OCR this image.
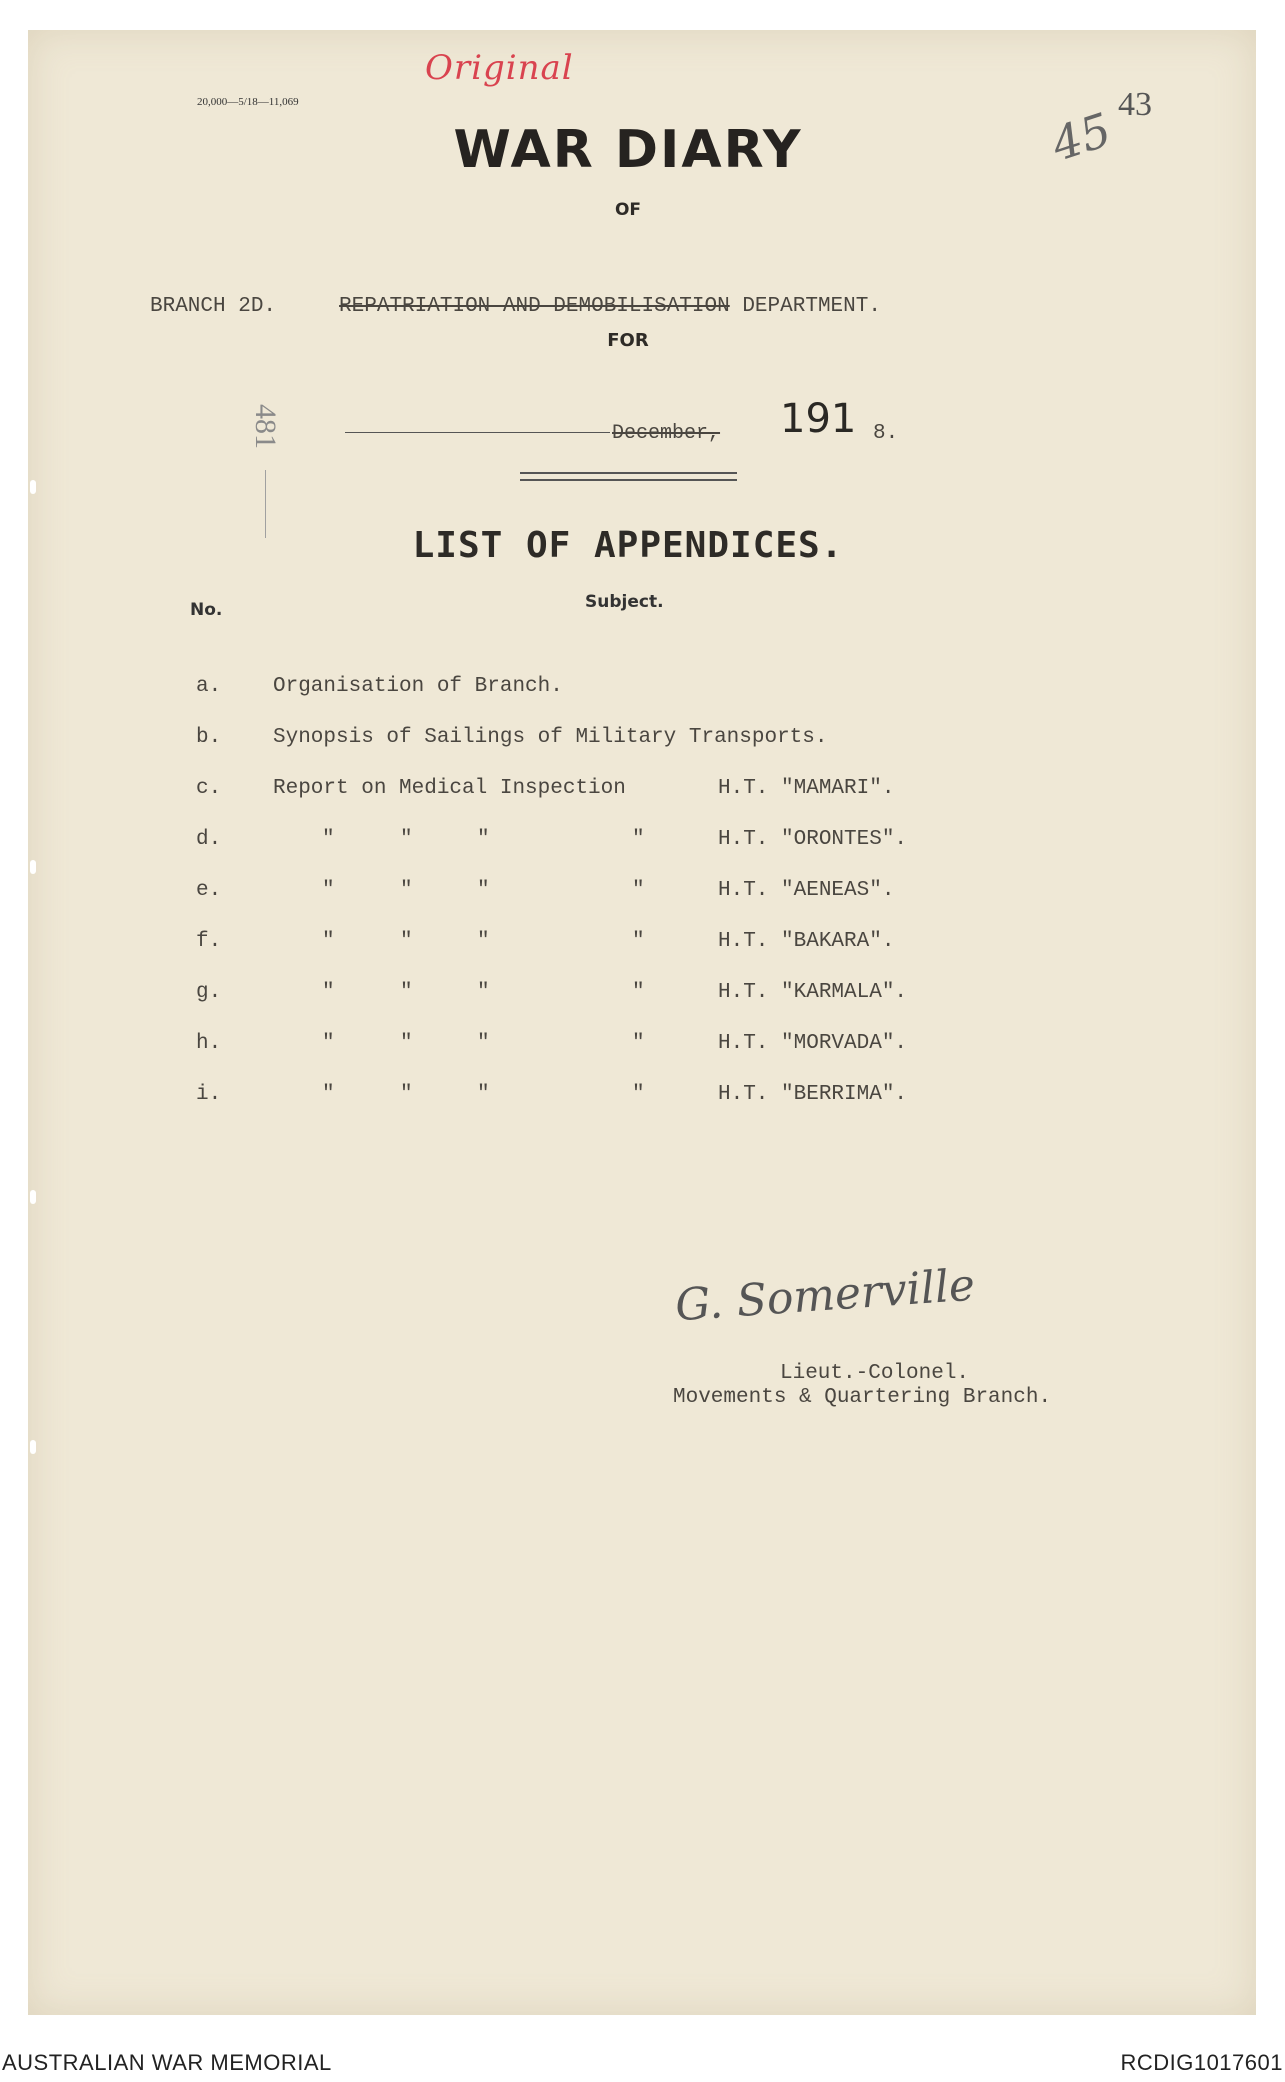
20,000—5/18—11,069
Original
43
45
WAR DIARY
OF
BRANCH 2D.	REPATRIATION AND DEMOBILISATION DEPARTMENT.
FOR
December, 191 8.
481
LIST OF APPENDICES.
No.	Subject.
a. Organisation of Branch.
b. Synopsis of Sailings of Military Transports.
c. Report on Medical Inspection	H.T. "MAMARI".
d.	"	"	"	"	H.T. "ORONTES".
e.	"	"	"	"	H.T. "AENEAS".
f.	"	"	"	"	H.T. "BAKARA".
g.	"	"	"	"	H.T. "KARMALA".
h.	"	"	"	"	H.T. "MORVADA".
i.	"	"	"	"	H.T. "BERRIMA".
G. Somerville
Lieut.-Colonel.
Movements & Quartering Branch.
AUSTRALIAN WAR MEMORIAL	RCDIG1017601
